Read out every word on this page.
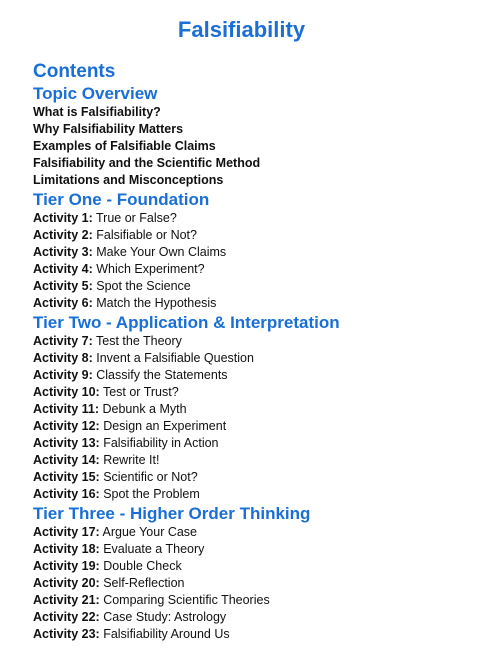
Falsifiability
Contents
Topic Overview
What is Falsifiability?
Why Falsifiability Matters
Examples of Falsifiable Claims
Falsifiability and the Scientific Method
Limitations and Misconceptions
Tier One - Foundation
Activity 1: True or False?
Activity 2: Falsifiable or Not?
Activity 3: Make Your Own Claims
Activity 4: Which Experiment?
Activity 5: Spot the Science
Activity 6: Match the Hypothesis
Tier Two - Application & Interpretation
Activity 7: Test the Theory
Activity 8: Invent a Falsifiable Question
Activity 9: Classify the Statements
Activity 10: Test or Trust?
Activity 11: Debunk a Myth
Activity 12: Design an Experiment
Activity 13: Falsifiability in Action
Activity 14: Rewrite It!
Activity 15: Scientific or Not?
Activity 16: Spot the Problem
Tier Three - Higher Order Thinking
Activity 17: Argue Your Case
Activity 18: Evaluate a Theory
Activity 19: Double Check
Activity 20: Self-Reflection
Activity 21: Comparing Scientific Theories
Activity 22: Case Study: Astrology
Activity 23: Falsifiability Around Us
